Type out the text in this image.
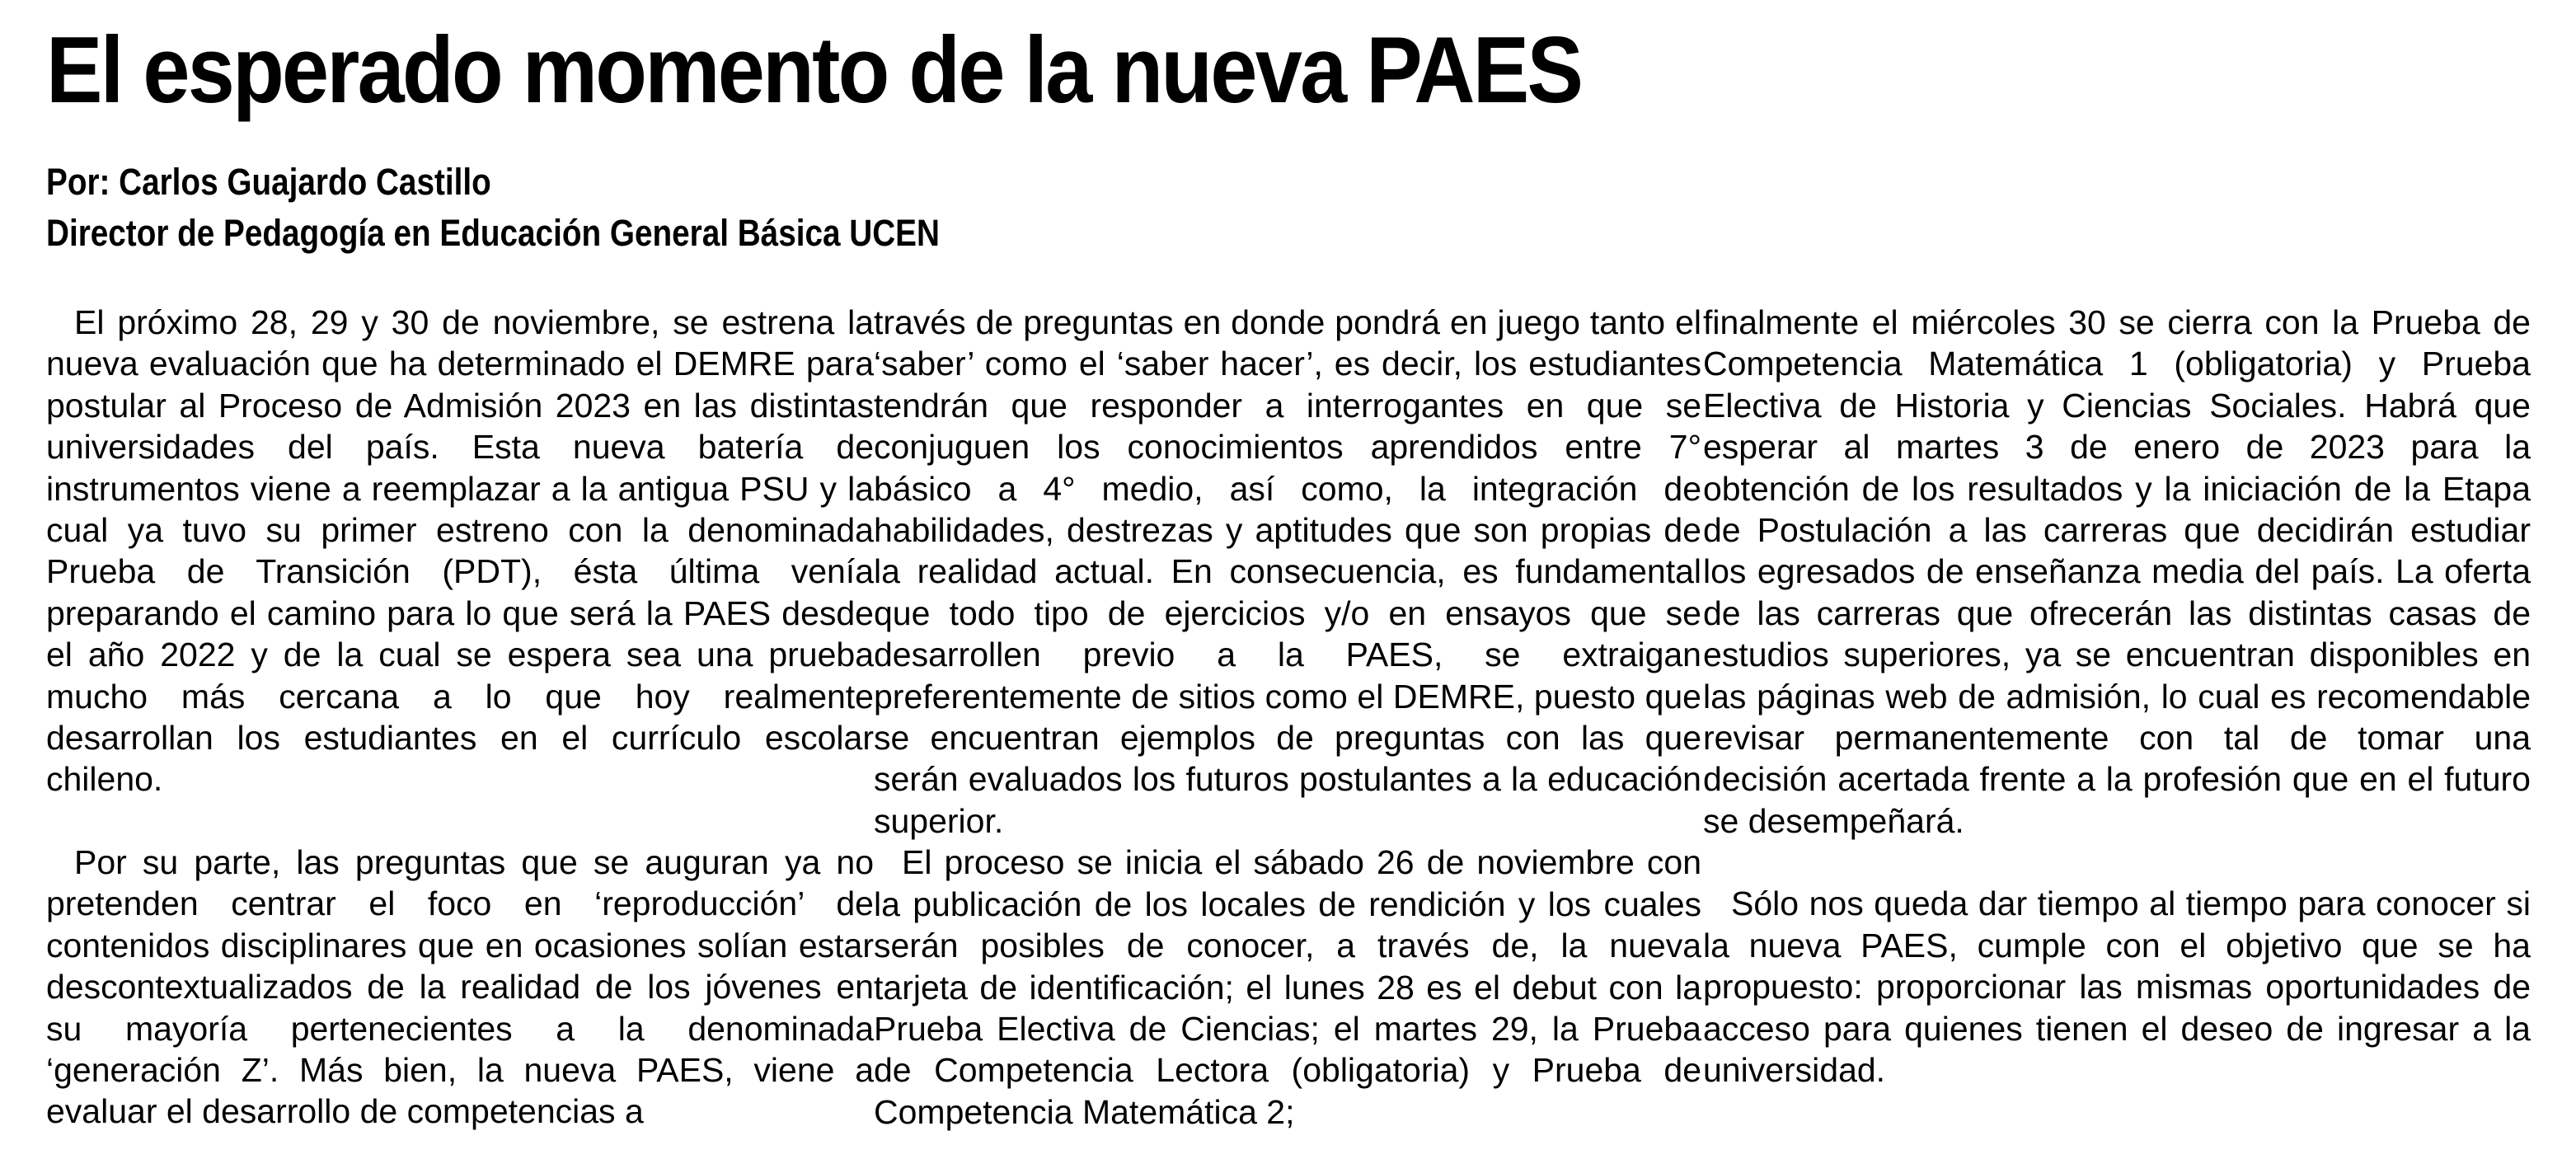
El esperado momento de la nueva PAES
Por: Carlos Guajardo Castillo
Director de Pedagogía en Educación General Básica UCEN

El próximo 28, 29 y 30 de noviembre, se estrena la nueva evaluación que ha determinado el DEMRE para postular al Proceso de Admisión 2023 en las distintas universidades del país. Esta nueva batería de instrumentos viene a reemplazar a la antigua PSU y la cual ya tuvo su primer estreno con la denominada Prueba de Transición (PDT), ésta última venía preparando el camino para lo que será la PAES desde el año 2022 y de la cual se espera sea una prueba mucho más cercana a lo que hoy realmente desarrollan los estudiantes en el currículo escolar chileno.

Por su parte, las preguntas que se auguran ya no pretenden centrar el foco en ‘reproducción’ de contenidos disciplinares que en ocasiones solían estar descontextualizados de la realidad de los jóvenes en su mayoría pertenecientes a la denominada ‘generación Z’. Más bien, la nueva PAES, viene a evaluar el desarrollo de competencias a

través de preguntas en donde pondrá en juego tanto el ‘saber’ como el ‘saber hacer’, es decir, los estudiantes tendrán que responder a interrogantes en que se conjuguen los conocimientos aprendidos entre 7° básico a 4° medio, así como, la integración de habilidades, destrezas y aptitudes que son propias de la realidad actual. En consecuencia, es fundamental que todo tipo de ejercicios y/o en ensayos que se desarrollen previo a la PAES, se extraigan preferentemente de sitios como el DEMRE, puesto que se encuentran ejemplos de preguntas con las que serán evaluados los futuros postulantes a la educación superior.

El proceso se inicia el sábado 26 de noviembre con la publicación de los locales de rendición y los cuales serán posibles de conocer, a través de, la nueva tarjeta de identificación; el lunes 28 es el debut con la Prueba Electiva de Ciencias; el martes 29, la Prueba de Competencia Lectora (obligatoria) y Prueba de Competencia Matemática 2;

finalmente el miércoles 30 se cierra con la Prueba de Competencia Matemática 1 (obligatoria) y Prueba Electiva de Historia y Ciencias Sociales. Habrá que esperar al martes 3 de enero de 2023 para la obtención de los resultados y la iniciación de la Etapa de Postulación a las carreras que decidirán estudiar los egresados de enseñanza media del país. La oferta de las carreras que ofrecerán las distintas casas de estudios superiores, ya se encuentran disponibles en las páginas web de admisión, lo cual es recomendable revisar permanentemente con tal de tomar una decisión acertada frente a la profesión que en el futuro se desempeñará.

Sólo nos queda dar tiempo al tiempo para conocer si la nueva PAES, cumple con el objetivo que se ha propuesto: proporcionar las mismas oportunidades de acceso para quienes tienen el deseo de ingresar a la universidad.
